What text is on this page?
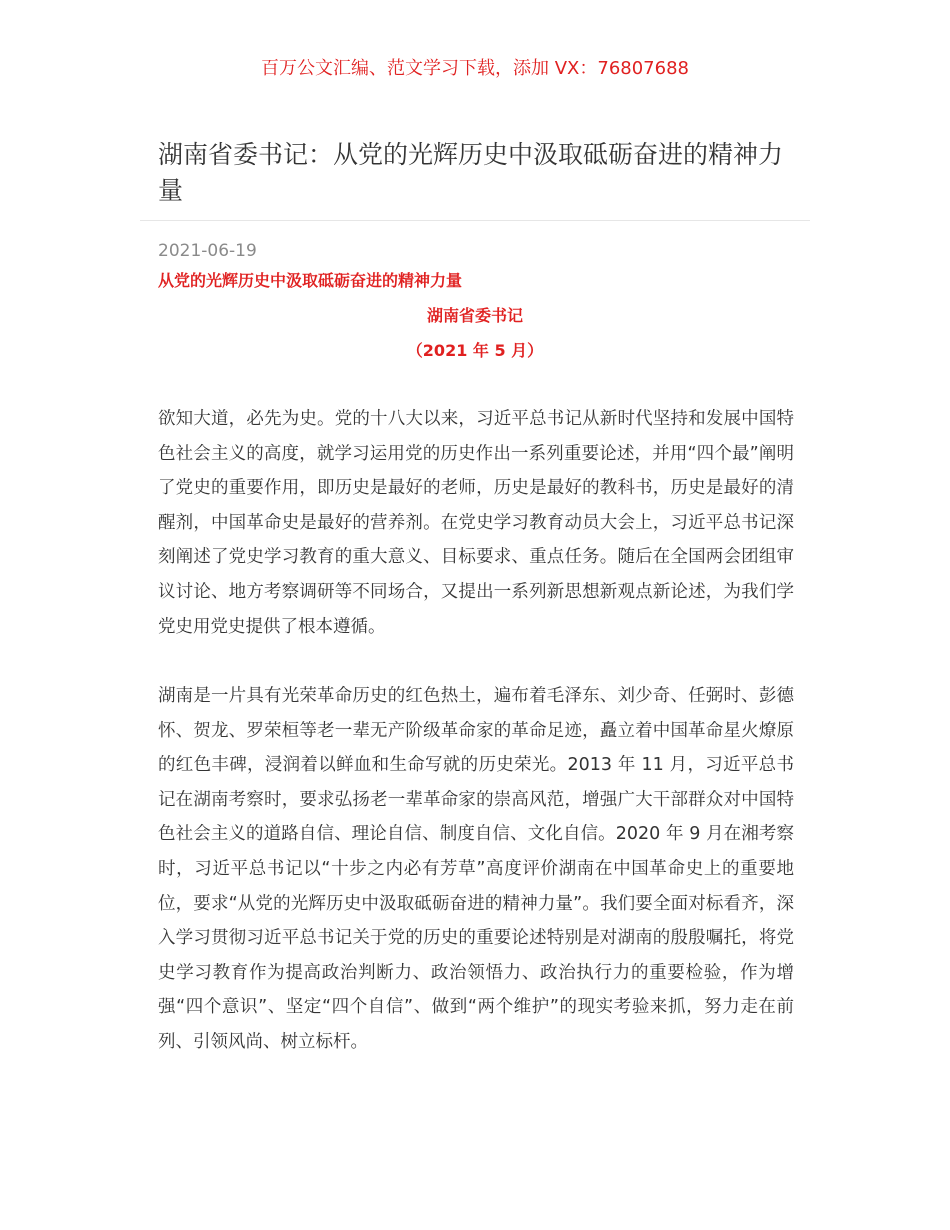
百万公文汇编、范文学习下载，添加 VX：76807688
湖南省委书记：从党的光辉历史中汲取砥砺奋进的精神力量
2021-06-19
从党的光辉历史中汲取砥砺奋进的精神力量
湖南省委书记
（2021 年 5 月）

欲知大道，必先为史。党的十八大以来，习近平总书记从新时代坚持和发展中国特色社会主义的高度，就学习运用党的历史作出一系列重要论述，并用“四个最”阐明了党史的重要作用，即历史是最好的老师，历史是最好的教科书，历史是最好的清醒剂，中国革命史是最好的营养剂。在党史学习教育动员大会上，习近平总书记深刻阐述了党史学习教育的重大意义、目标要求、重点任务。随后在全国两会团组审议讨论、地方考察调研等不同场合，又提出一系列新思想新观点新论述，为我们学党史用党史提供了根本遵循。

湖南是一片具有光荣革命历史的红色热土，遍布着毛泽东、刘少奇、任弼时、彭德怀、贺龙、罗荣桓等老一辈无产阶级革命家的革命足迹，矗立着中国革命星火燎原的红色丰碑，浸润着以鲜血和生命写就的历史荣光。2013 年 11 月，习近平总书记在湖南考察时，要求弘扬老一辈革命家的崇高风范，增强广大干部群众对中国特色社会主义的道路自信、理论自信、制度自信、文化自信。2020 年 9 月在湘考察时，习近平总书记以“十步之内必有芳草”高度评价湖南在中国革命史上的重要地位，要求“从党的光辉历史中汲取砥砺奋进的精神力量”。我们要全面对标看齐，深入学习贯彻习近平总书记关于党的历史的重要论述特别是对湖南的殷殷嘱托，将党史学习教育作为提高政治判断力、政治领悟力、政治执行力的重要检验，作为增强“四个意识”、坚定“四个自信”、做到“两个维护”的现实考验来抓，努力走在前列、引领风尚、树立标杆。
